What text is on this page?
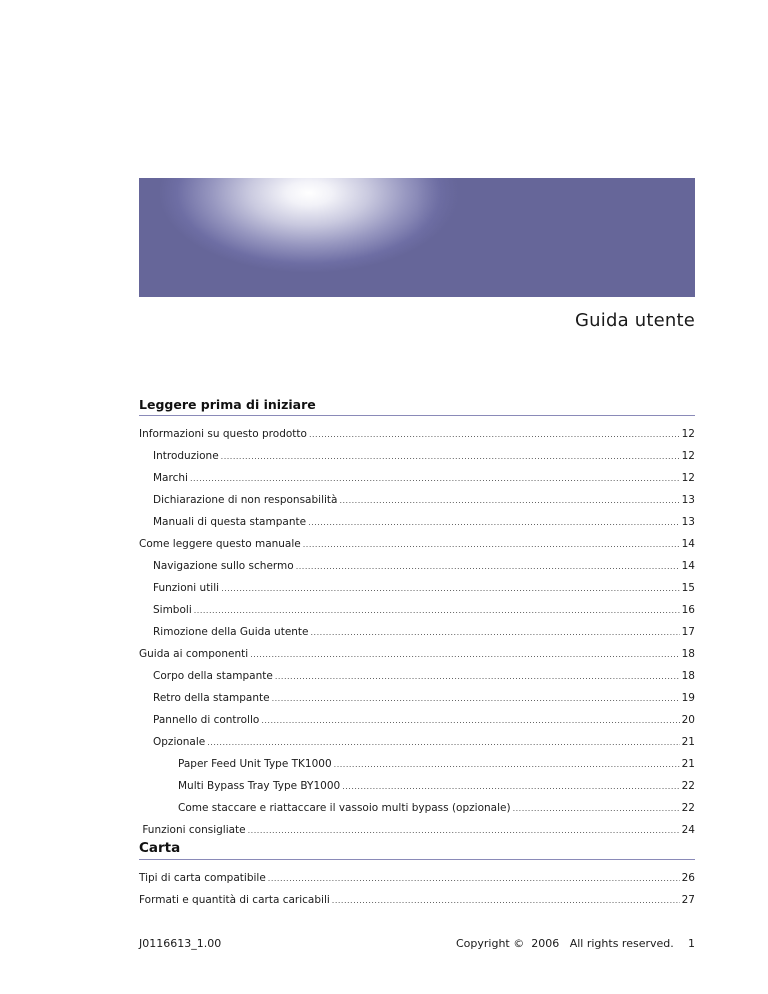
Guida utente
Leggere prima di iniziare
Informazioni su questo prodotto .....	12
Introduzione .....	12
Marchi .....	12
Dichiarazione di non responsabilità .....	13
Manuali di questa stampante .....	13
Come leggere questo manuale .....	14
Navigazione sullo schermo .....	14
Funzioni utili .....	15
Simboli .....	16
Rimozione della Guida utente .....	17
Guida ai componenti .....	18
Corpo della stampante .....	18
Retro della stampante .....	19
Pannello di controllo .....	20
Opzionale .....	21
Paper Feed Unit Type TK1000 .....	21
Multi Bypass Tray Type BY1000 .....	22
Come staccare e riattaccare il vassoio multi bypass (opzionale) .....	22
Funzioni consigliate .....	24
Carta
Tipi di carta compatibile .....	26
Formati e quantità di carta caricabili .....	27
J0116613_1.00	Copyright ©  2006   All rights reserved. 1
